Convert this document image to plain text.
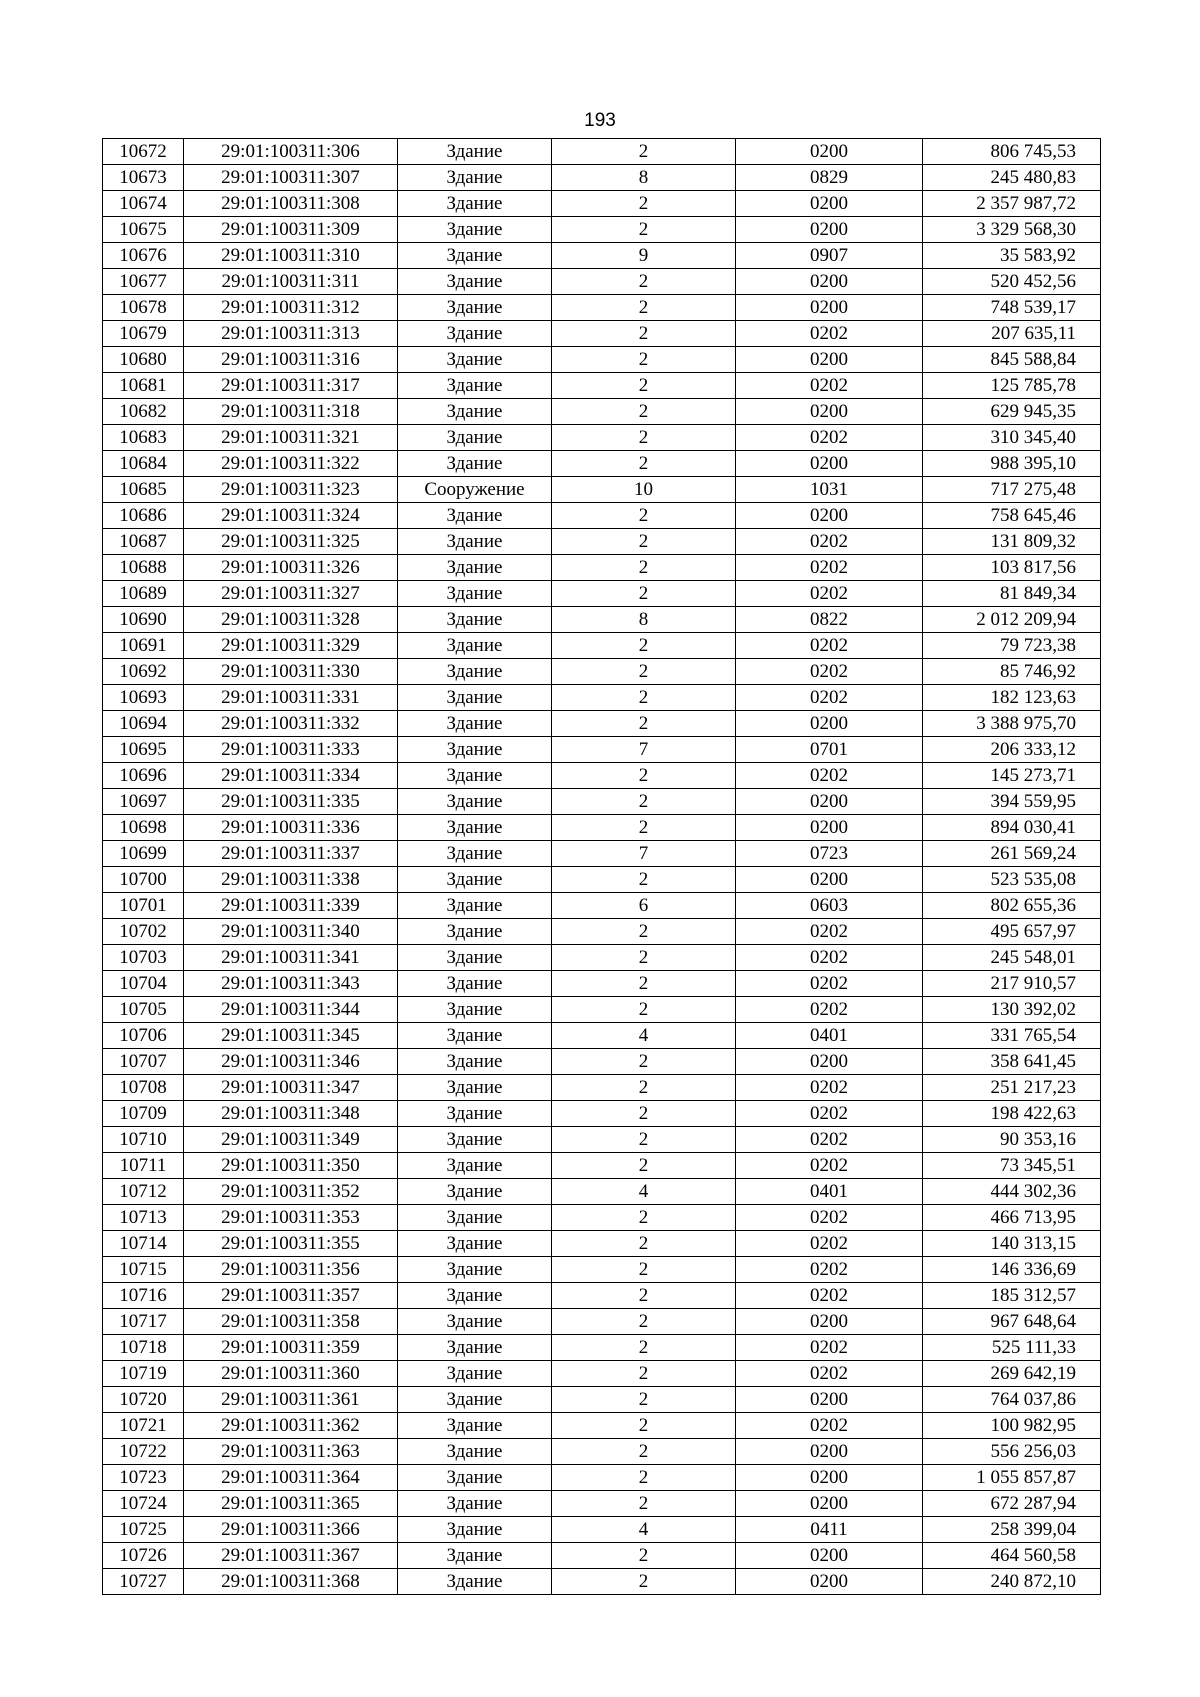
193
10672	29:01:100311:306	Здание	2	0200	806 745,53
10673	29:01:100311:307	Здание	8	0829	245 480,83
10674	29:01:100311:308	Здание	2	0200	2 357 987,72
10675	29:01:100311:309	Здание	2	0200	3 329 568,30
10676	29:01:100311:310	Здание	9	0907	35 583,92
10677	29:01:100311:311	Здание	2	0200	520 452,56
10678	29:01:100311:312	Здание	2	0200	748 539,17
10679	29:01:100311:313	Здание	2	0202	207 635,11
10680	29:01:100311:316	Здание	2	0200	845 588,84
10681	29:01:100311:317	Здание	2	0202	125 785,78
10682	29:01:100311:318	Здание	2	0200	629 945,35
10683	29:01:100311:321	Здание	2	0202	310 345,40
10684	29:01:100311:322	Здание	2	0200	988 395,10
10685	29:01:100311:323	Сооружение	10	1031	717 275,48
10686	29:01:100311:324	Здание	2	0200	758 645,46
10687	29:01:100311:325	Здание	2	0202	131 809,32
10688	29:01:100311:326	Здание	2	0202	103 817,56
10689	29:01:100311:327	Здание	2	0202	81 849,34
10690	29:01:100311:328	Здание	8	0822	2 012 209,94
10691	29:01:100311:329	Здание	2	0202	79 723,38
10692	29:01:100311:330	Здание	2	0202	85 746,92
10693	29:01:100311:331	Здание	2	0202	182 123,63
10694	29:01:100311:332	Здание	2	0200	3 388 975,70
10695	29:01:100311:333	Здание	7	0701	206 333,12
10696	29:01:100311:334	Здание	2	0202	145 273,71
10697	29:01:100311:335	Здание	2	0200	394 559,95
10698	29:01:100311:336	Здание	2	0200	894 030,41
10699	29:01:100311:337	Здание	7	0723	261 569,24
10700	29:01:100311:338	Здание	2	0200	523 535,08
10701	29:01:100311:339	Здание	6	0603	802 655,36
10702	29:01:100311:340	Здание	2	0202	495 657,97
10703	29:01:100311:341	Здание	2	0202	245 548,01
10704	29:01:100311:343	Здание	2	0202	217 910,57
10705	29:01:100311:344	Здание	2	0202	130 392,02
10706	29:01:100311:345	Здание	4	0401	331 765,54
10707	29:01:100311:346	Здание	2	0200	358 641,45
10708	29:01:100311:347	Здание	2	0202	251 217,23
10709	29:01:100311:348	Здание	2	0202	198 422,63
10710	29:01:100311:349	Здание	2	0202	90 353,16
10711	29:01:100311:350	Здание	2	0202	73 345,51
10712	29:01:100311:352	Здание	4	0401	444 302,36
10713	29:01:100311:353	Здание	2	0202	466 713,95
10714	29:01:100311:355	Здание	2	0202	140 313,15
10715	29:01:100311:356	Здание	2	0202	146 336,69
10716	29:01:100311:357	Здание	2	0202	185 312,57
10717	29:01:100311:358	Здание	2	0200	967 648,64
10718	29:01:100311:359	Здание	2	0202	525 111,33
10719	29:01:100311:360	Здание	2	0202	269 642,19
10720	29:01:100311:361	Здание	2	0200	764 037,86
10721	29:01:100311:362	Здание	2	0202	100 982,95
10722	29:01:100311:363	Здание	2	0200	556 256,03
10723	29:01:100311:364	Здание	2	0200	1 055 857,87
10724	29:01:100311:365	Здание	2	0200	672 287,94
10725	29:01:100311:366	Здание	4	0411	258 399,04
10726	29:01:100311:367	Здание	2	0200	464 560,58
10727	29:01:100311:368	Здание	2	0200	240 872,10
